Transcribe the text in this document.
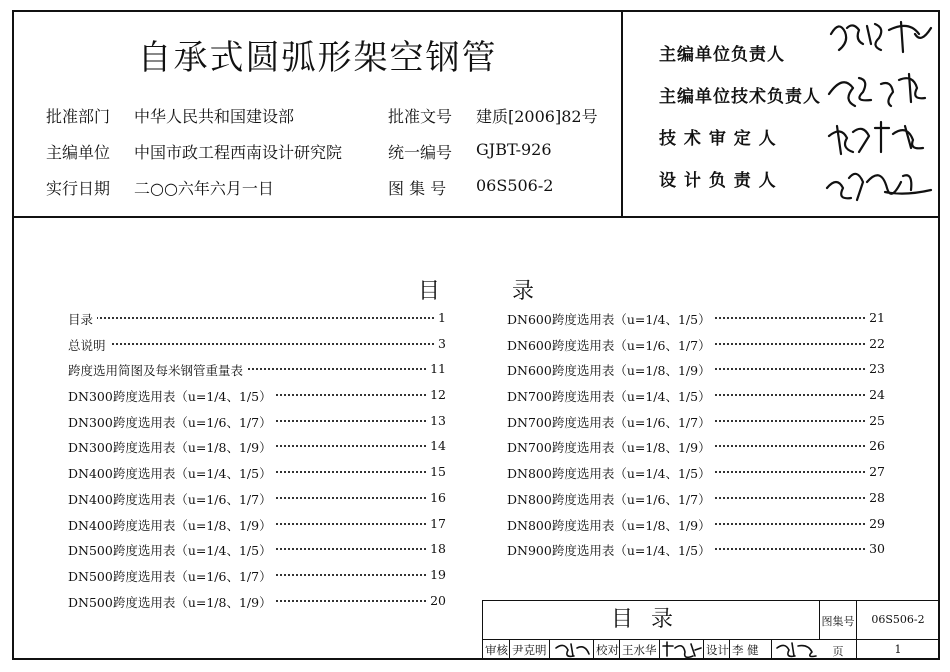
自承式圆弧形架空钢管
批准部门 中华人民共和国建设部	批准文号 建质[2006]82号
主编单位 中国市政工程西南设计研究院	统一编号 GJBT-926
实行日期 二○○六年六月一日	图 集 号 06S506-2
主编单位负责人
主编单位技术负责人
技 术 审 定 人
设 计 负 责 人
目	录
目录	1
总说明	3
跨度选用简图及每米钢管重量表	11
DN300跨度选用表（u=1/4、1/5）	12
DN300跨度选用表（u=1/6、1/7）	13
DN300跨度选用表（u=1/8、1/9）	14
DN400跨度选用表（u=1/4、1/5）	15
DN400跨度选用表（u=1/6、1/7）	16
DN400跨度选用表（u=1/8、1/9）	17
DN500跨度选用表（u=1/4、1/5）	18
DN500跨度选用表（u=1/6、1/7）	19
DN500跨度选用表（u=1/8、1/9）	20
DN600跨度选用表（u=1/4、1/5）	21
DN600跨度选用表（u=1/6、1/7）	22
DN600跨度选用表（u=1/8、1/9）	23
DN700跨度选用表（u=1/4、1/5）	24
DN700跨度选用表（u=1/6、1/7）	25
DN700跨度选用表（u=1/8、1/9）	26
DN800跨度选用表（u=1/4、1/5）	27
DN800跨度选用表（u=1/6、1/7）	28
DN800跨度选用表（u=1/8、1/9）	29
DN900跨度选用表（u=1/4、1/5）	30
目录
审核 尹克明	校对 王水华	设计 李 健
图集号	06S506-2
页	1
